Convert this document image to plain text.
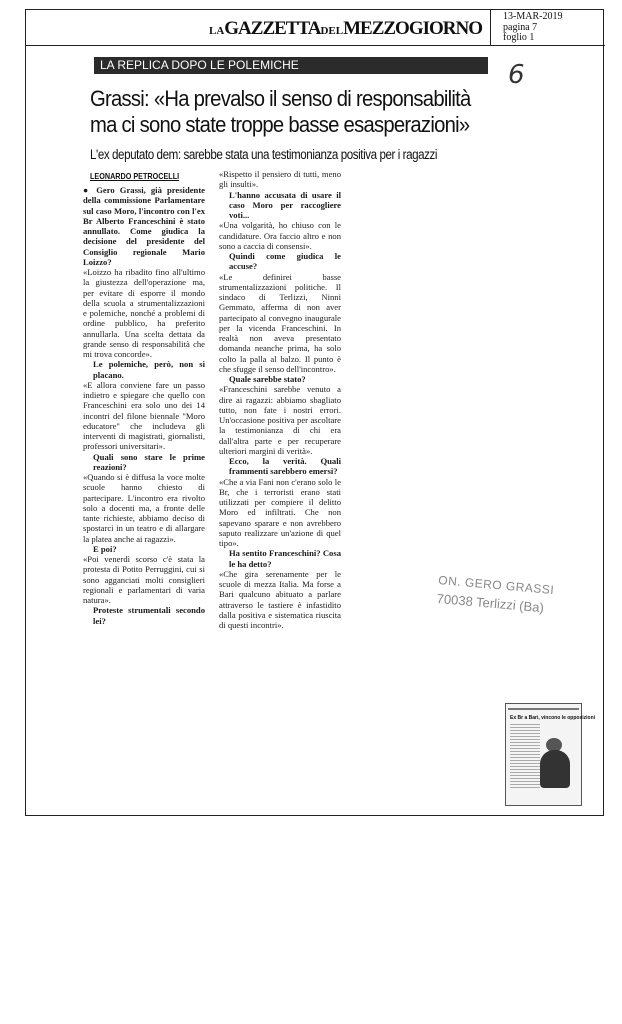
LAGAZZETTADELMEZZOGIORNO
13-MAR-2019
pagina 7
foglio 1
LA REPLICA DOPO LE POLEMICHE	6
Grassi: «Ha prevalso il senso di responsabilità ma ci sono state troppe basse esasperazioni»
L'ex deputato dem: sarebbe stata una testimonianza positiva per i ragazzi
LEONARDO PETROCELLI

● Gero Grassi, già presidente della commissione Parlamentare sul caso Moro, l'incontro con l'ex Br Alberto Franceschini è stato annullato. Come giudica la decisione del presidente del Consiglio regionale Mario Loizzo?

«Loizzo ha ribadito fino all'ultimo la giustezza dell'operazione ma, per evitare di esporre il mondo della scuola a strumentalizzazioni e polemiche, nonché a problemi di ordine pubblico, ha preferito annullarla. Una scelta dettata da grande senso di responsabilità che mi trova concorde».

Le polemiche, però, non si placano.

«E allora conviene fare un passo indietro e spiegare che quello con Franceschini era solo uno dei 14 incontri del filone biennale "Moro educatore" che includeva gli interventi di magistrati, giornalisti, professori universitari».

Quali sono stare le prime reazioni?

«Quando si è diffusa la voce molte scuole hanno chiesto di partecipare. L'incontro era rivolto solo a docenti ma, a fronte delle tante richieste, abbiamo deciso di spostarci in un teatro e di allargare la platea anche ai ragazzi».

E poi?

«Poi venerdì scorso c'è stata la protesta di Potito Perruggini, cui si sono agganciati molti consiglieri regionali e parlamentari di varia natura».

Proteste strumentali secondo lei?

«Rispetto il pensiero di tutti, meno gli insulti».

L'hanno accusata di usare il caso Moro per raccogliere voti...

«Una volgarità, ho chiuso con le candidature. Ora faccio altro e non sono a caccia di consensi».

Quindi come giudica le accuse?

«Le definirei basse strumentalizzazioni politiche. Il sindaco di Terlizzi, Ninni Gemmato, afferma di non aver partecipato al convegno inaugurale per la vicenda Franceschini. In realtà non aveva presentato domanda neanche prima, ha solo colto la palla al balzo. Il punto è che sfugge il senso dell'incontro».

Quale sarebbe stato?

«Franceschini sarebbe venuto a dire ai ragazzi: abbiamo sbagliato tutto, non fate i nostri errori. Un'occasione positiva per ascoltare la testimonianza di chi era dall'altra parte e per recuperare ulteriori margini di verità».

Ecco, la verità. Quali frammenti sarebbero emersi?

«Che a via Fani non c'erano solo le Br, che i terroristi erano stati utilizzati per compiere il delitto Moro ed infiltrati. Che non sapevano sparare e non avrebbero saputo realizzare un'azione di quel tipo».

Ha sentito Franceschini? Cosa le ha detto?

«Che gira serenamente per le scuole di mezza Italia. Ma forse a Bari qualcuno abituato a parlare attraverso le tastiere è infastidito dalla positiva e sistematica riuscita di questi incontri».

ON. GERO GRASSI
70038 Terlizzi (Ba)
Ex Br a Bari, vincono le opposizioni
